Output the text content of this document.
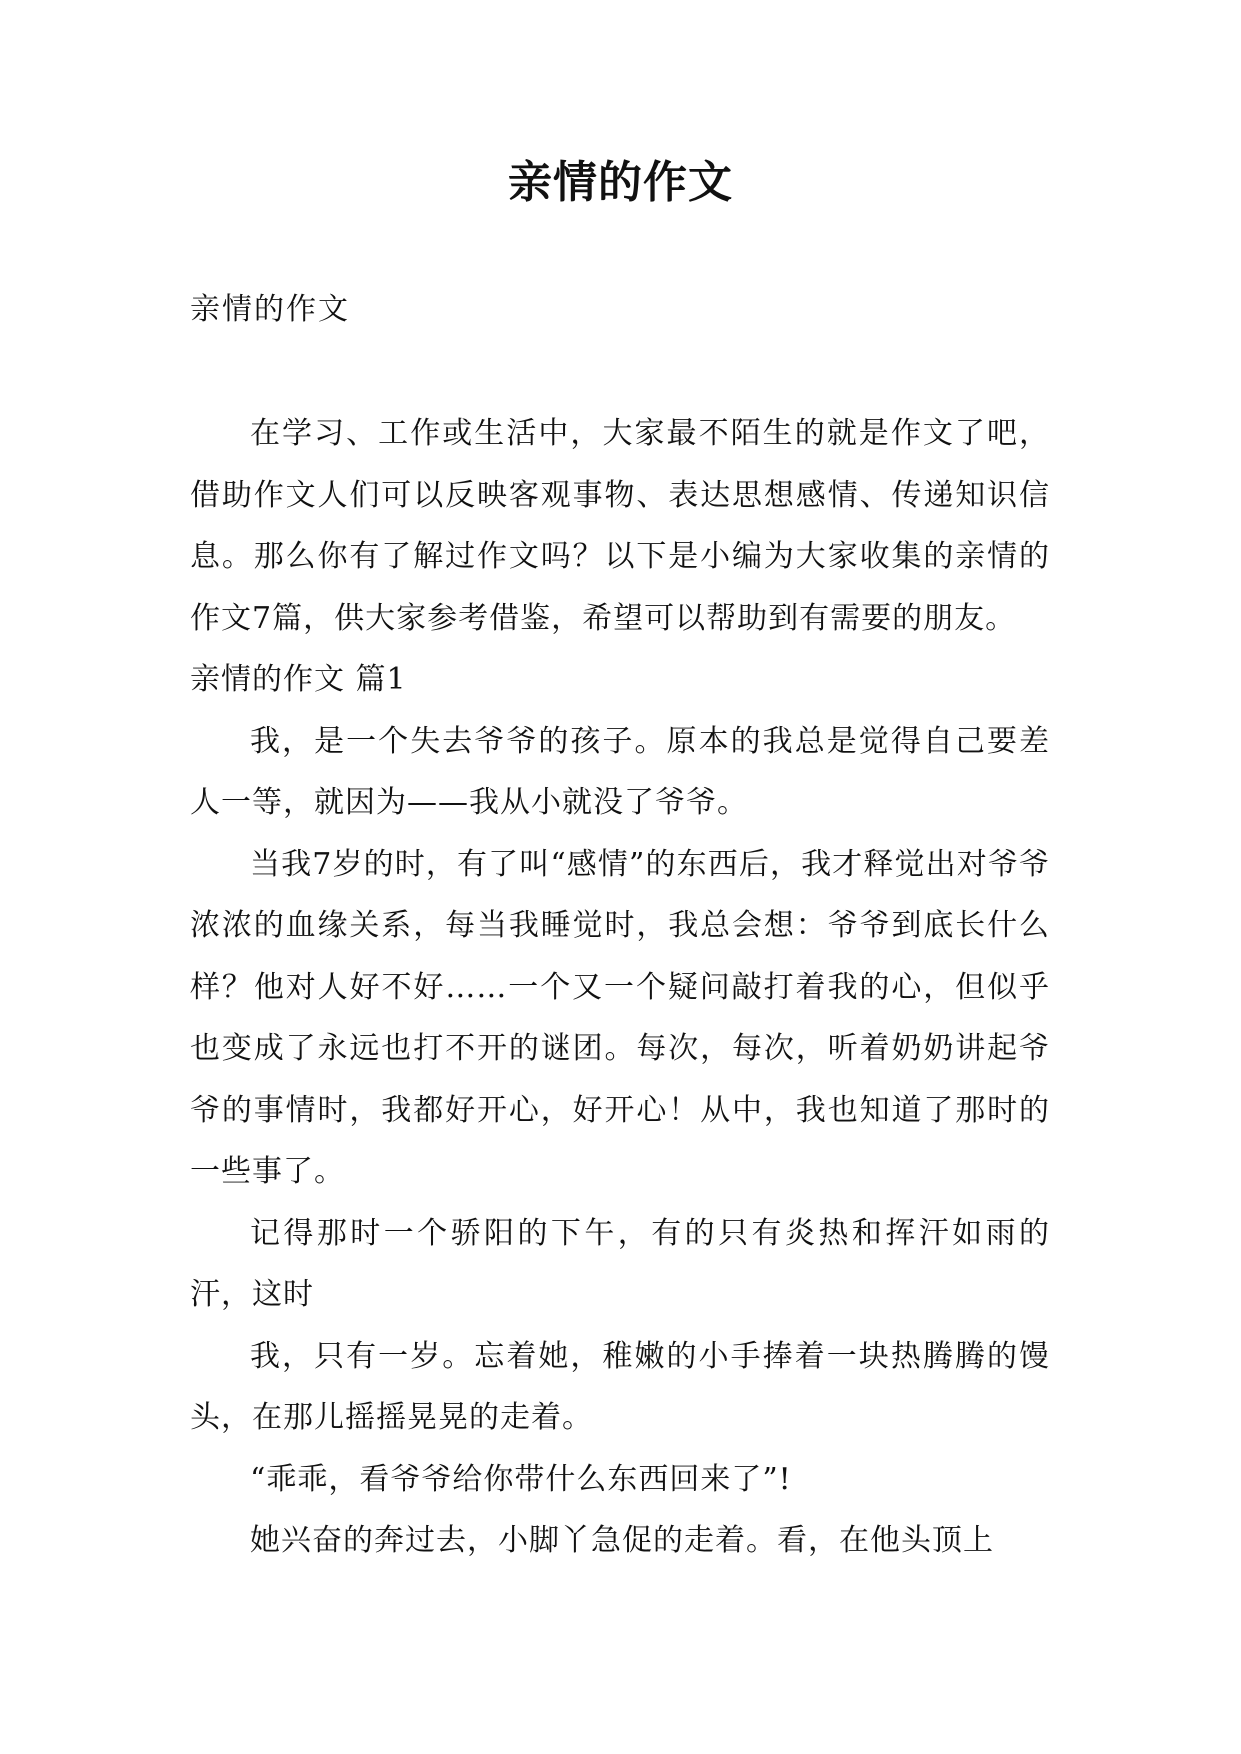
亲情的作文

亲情的作文

在学习、工作或生活中，大家最不陌生的就是作文了吧，借助作文人们可以反映客观事物、表达思想感情、传递知识信息。那么你有了解过作文吗？以下是小编为大家收集的亲情的作文7篇，供大家参考借鉴，希望可以帮助到有需要的朋友。

亲情的作文 篇1

我，是一个失去爷爷的孩子。原本的我总是觉得自己要差人一等，就因为——我从小就没了爷爷。

当我7岁的时，有了叫“感情”的东西后，我才释觉出对爷爷浓浓的血缘关系，每当我睡觉时，我总会想：爷爷到底长什么样？他对人好不好……一个又一个疑问敲打着我的心，但似乎也变成了永远也打不开的谜团。每次，每次，听着奶奶讲起爷爷的事情时，我都好开心，好开心！从中，我也知道了那时的一些事了。

记得那时一个骄阳的下午，有的只有炎热和挥汗如雨的汗，这时

我，只有一岁。忘着她，稚嫩的小手捧着一块热腾腾的馒头，在那儿摇摇晃晃的走着。

“乖乖，看爷爷给你带什么东西回来了”!

她兴奋的奔过去，小脚丫急促的走着。看，在他头顶上
